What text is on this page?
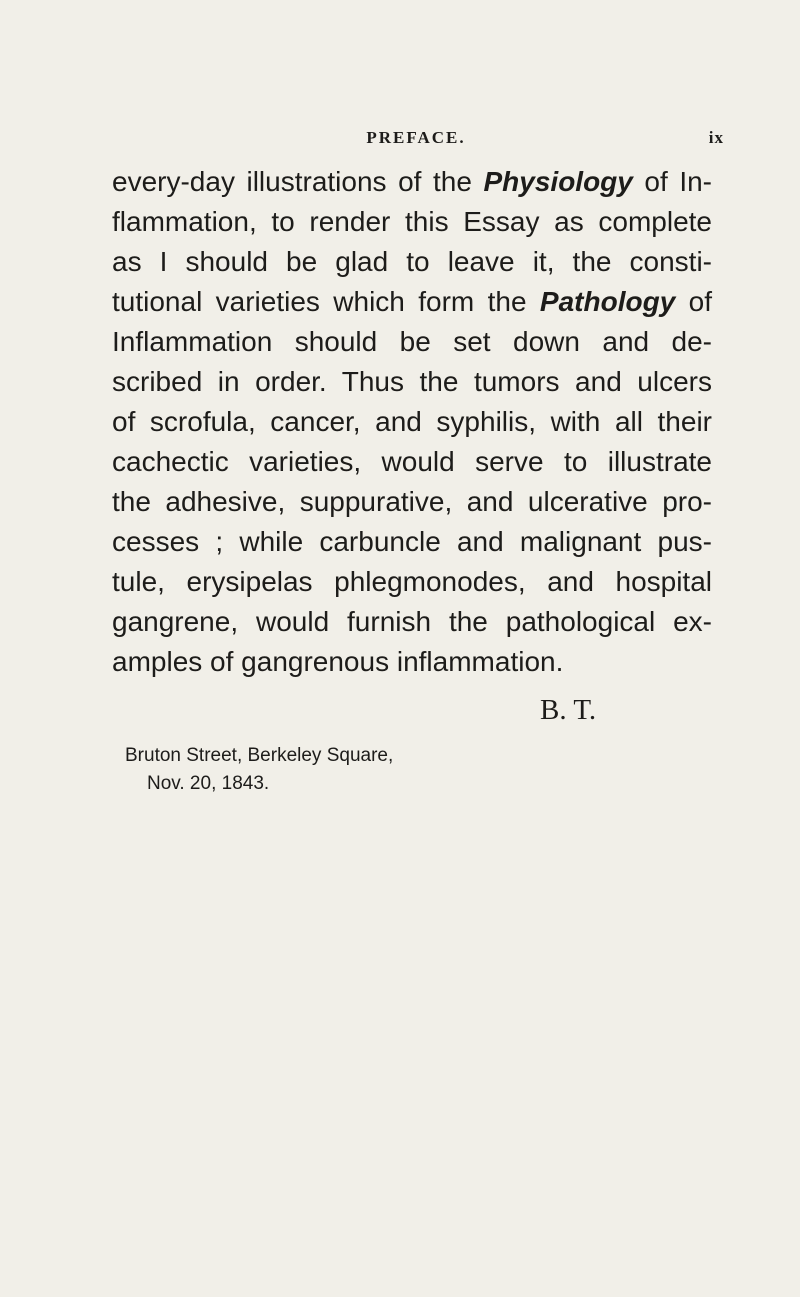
PREFACE.	ix
every-day illustrations of the Physiology of In-
flammation, to render this Essay as complete
as I should be glad to leave it, the consti-
tutional varieties which form the Pathology of
Inflammation should be set down and de-
scribed in order. Thus the tumors and ulcers
of scrofula, cancer, and syphilis, with all their
cachectic varieties, would serve to illustrate
the adhesive, suppurative, and ulcerative pro-
cesses ; while carbuncle and malignant pus-
tule, erysipelas phlegmonodes, and hospital
gangrene, would furnish the pathological ex-
amples of gangrenous inflammation.
B. T.
Bruton Street, Berkeley Square,
Nov. 20, 1843.
